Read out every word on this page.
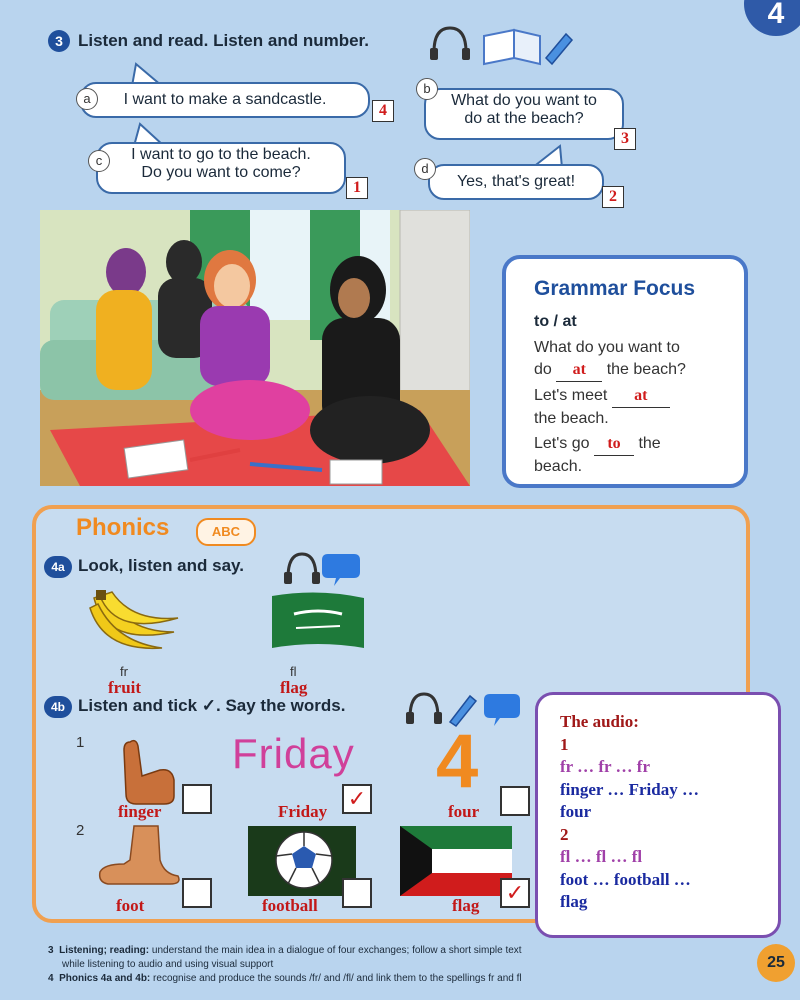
4
3 Listen and read. Listen and number.
I want to make a sandcastle.
a
4
What do you want to
do at the beach?
b
3
I want to go to the beach.
Do you want to come?
c
1	Yes, that's great!
d
2
Grammar Focus
to / at
What do you want to
do at the beach?
Let's meet at
the beach.
Let's go to the
beach.
Phonics	ABC
4a Look, listen and say.
fr
fruit
fl
flag
4b Listen and tick ✓. Say the words.
1
2
finger
Friday
Friday
✓ 4
four
foot	football	flag
✓
The audio:
1
fr … fr … fr
finger … Friday …
four
2
fl … fl … fl
foot … football …
flag
3 Listening; reading: understand the main idea in a dialogue of four exchanges; follow a short simple text
while listening to audio and using visual support
4 Phonics 4a and 4b: recognise and produce the sounds /fr/ and /fl/ and link them to the spellings fr and fl
25
